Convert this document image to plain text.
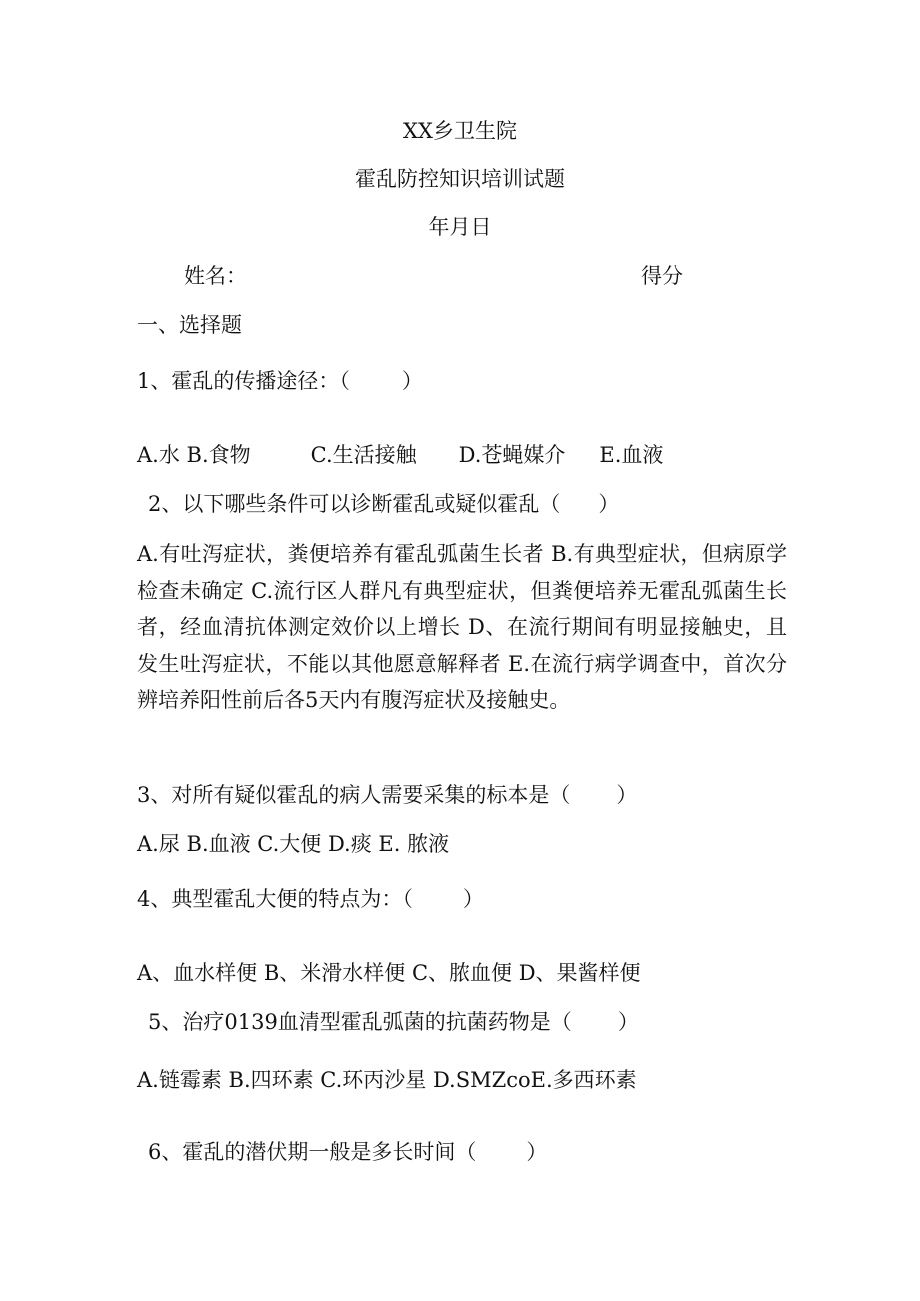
XX乡卫生院
霍乱防控知识培训试题
年月日
姓名：	得分
一、选择题
1、霍乱的传播途径：（ ）
A.水 B.食物	C.生活接触 D.苍蝇媒介 E.血液
2、以下哪些条件可以诊断霍乱或疑似霍乱（ ）
A.有吐泻症状，粪便培养有霍乱弧菌生长者 B.有典型症状，但病原学检查未确定 C.流行区人群凡有典型症状，但粪便培养无霍乱弧菌生长者，经血清抗体测定效价以上增长 D、在流行期间有明显接触史，且发生吐泻症状，不能以其他愿意解释者 E.在流行病学调查中，首次分辨培养阳性前后各5天内有腹泻症状及接触史。
3、对所有疑似霍乱的病人需要采集的标本是（ ）
A.尿 B.血液 C.大便 D.痰 E. 脓液
4、典型霍乱大便的特点为：（ ）
A、血水样便 B、米滑水样便 C、脓血便 D、果酱样便
5、治疗0139血清型霍乱弧菌的抗菌药物是（ ）
A.链霉素 B.四环素 C.环丙沙星 D.SMZcoE.多西环素
6、霍乱的潜伏期一般是多长时间（ ）
